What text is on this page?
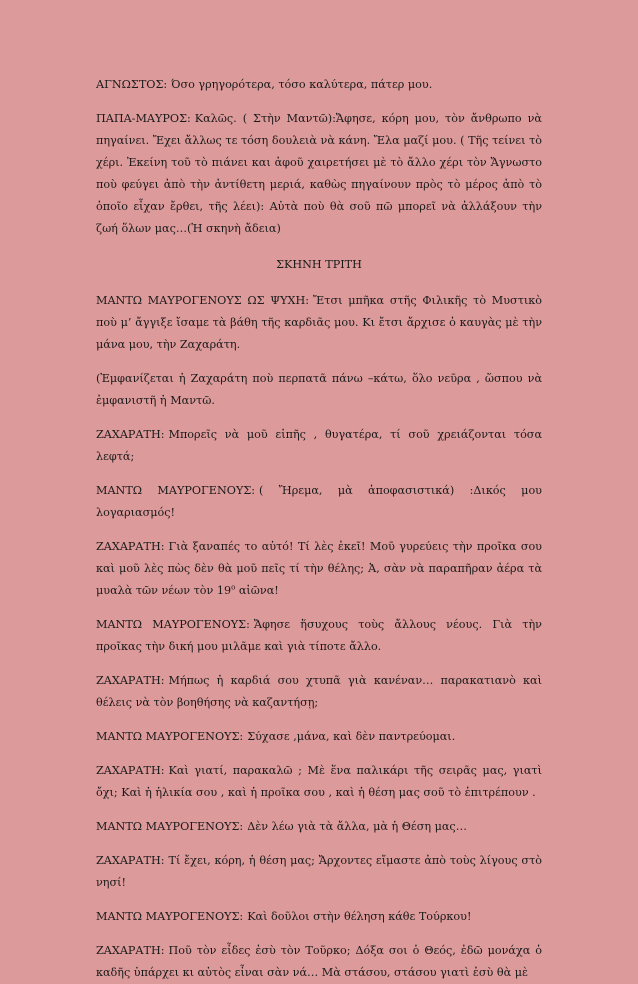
ΑΓΝΩΣΤΟΣ: Όσο γρηγορότερα, τόσο καλύτερα, πάτερ μου.

ΠΑΠΑ-ΜΑΥΡΟΣ: Καλῶς. ( Στὴν Μαντῶ):Ἄφησε, κόρη μου, τὸν ἄνθρωπο νὰ πηγαίνει. Ἔχει ἄλλως τε τόση δουλειὰ νὰ κάνη. Ἔλα μαζί μου. ( Τῆς τείνει τὸ χέρι. Ἐκείνη τοῦ τὸ πιάνει και ἀφοῦ χαιρετήσει μὲ τὸ ἄλλο χέρι τὸν Ἄγνωστο ποὺ φεύγει ἀπὸ τὴν ἀντίθετη μεριά, καθὼς πηγαίνουν πρὸς τὸ μέρος ἀπὸ τὸ ὁποῖο εἶχαν ἔρθει, τῆς λέει): Αὐτὰ ποὺ θὰ σοῦ πῶ μπορεῖ νὰ ἀλλάξουν τὴν ζωή ὅλων μας…(Ἡ σκηνὴ ἄδεια)

ΣΚΗΝΗ ΤΡΙΤΗ

ΜΑΝΤΩ ΜΑΥΡΟΓΕΝΟΥΣ ΩΣ ΨΥΧΗ: Ἔτσι μπῆκα στῆς Φιλικῆς τὸ Μυστικὸ ποὺ μ’ ἄγγιξε ἴσαμε τὰ βάθη τῆς καρδιᾶς μου. Κι ἔτσι ἄρχισε ὁ καυγὰς μὲ τὴν μάνα μου, τὴν Ζαχαράτη.

(Ἐμφανίζεται ἡ Ζαχαράτη ποὺ περπατᾶ πάνω –κάτω, ὅλο νεῦρα , ὥσπου νὰ ἐμφανιστῆ ἡ Μαντῶ.

ΖΑΧΑΡΑΤΗ: Μπορεῖς νὰ μοῦ εἰπῆς , θυγατέρα, τί σοῦ χρειάζονται τόσα λεφτά;

ΜΑΝΤΩ ΜΑΥΡΟΓΕΝΟΥΣ: ( Ἤρεμα, μὰ ἀποφασιστικά) :Δικός μου λογαριασμός!

ΖΑΧΑΡΑΤΗ: Γιὰ ξαναπές το αὐτό! Τί λὲς ἐκεῖ! Μοῦ γυρεύεις τὴν προῖκα σου καὶ μοῦ λὲς πὼς δὲν θὰ μοῦ πεῖς τί τὴν θέλης; Ἀ, σὰν νὰ παραπῆραν ἀέρα τὰ μυαλὰ τῶν νέων τὸν $19^o$ αἰῶνα!

ΜΑΝΤΩ ΜΑΥΡΟΓΕΝΟΥΣ: Ἄφησε ἥσυχους τοὺς ἄλλους νέους. Γιὰ τὴν προῖκας τὴν δική μου μιλᾶμε καὶ γιὰ τίποτε ἄλλο.

ΖΑΧΑΡΑΤΗ: Μήπως ἡ καρδιά σου χτυπᾶ γιὰ κανέναν… παρακατιανὸ καὶ θέλεις νὰ τὸν βοηθήσης νὰ καζαντήσῃ;

ΜΑΝΤΩ ΜΑΥΡΟΓΕΝΟΥΣ: Σύχασε ,μάνα, καὶ δὲν παντρεύομαι.

ΖΑΧΑΡΑΤΗ: Καὶ γιατί, παρακαλῶ ; Μὲ ἕνα παλικάρι τῆς σειρᾶς μας, γιατὶ ὄχι; Καὶ ἡ ἡλικία σου , καὶ ἡ προῖκα σου , καὶ ἡ θέση μας σοῦ τὸ ἐπιτρέπουν .

ΜΑΝΤΩ ΜΑΥΡΟΓΕΝΟΥΣ: Δὲν λέω γιὰ τὰ ἄλλα, μὰ ἡ Θέση μας…

ΖΑΧΑΡΑΤΗ: Τί ἔχει, κόρη, ἡ θέση μας; Ἄρχοντες εἴμαστε ἀπὸ τοὺς λίγους στὸ νησί!

ΜΑΝΤΩ ΜΑΥΡΟΓΕΝΟΥΣ: Καὶ δοῦλοι στὴν θέληση κάθε Τούρκου!

ΖΑΧΑΡΑΤΗ: Ποῦ τὸν εἶδες ἐσὺ τὸν Τοῦρκο; Δόξα σοι ὁ Θεός, ἐδῶ μονάχα ὁ καδῆς ὑπάρχει κι αὐτὸς εἶναι σὰν νά… Μὰ στάσου, στάσου γιατὶ ἐσὺ θὰ μὲ
